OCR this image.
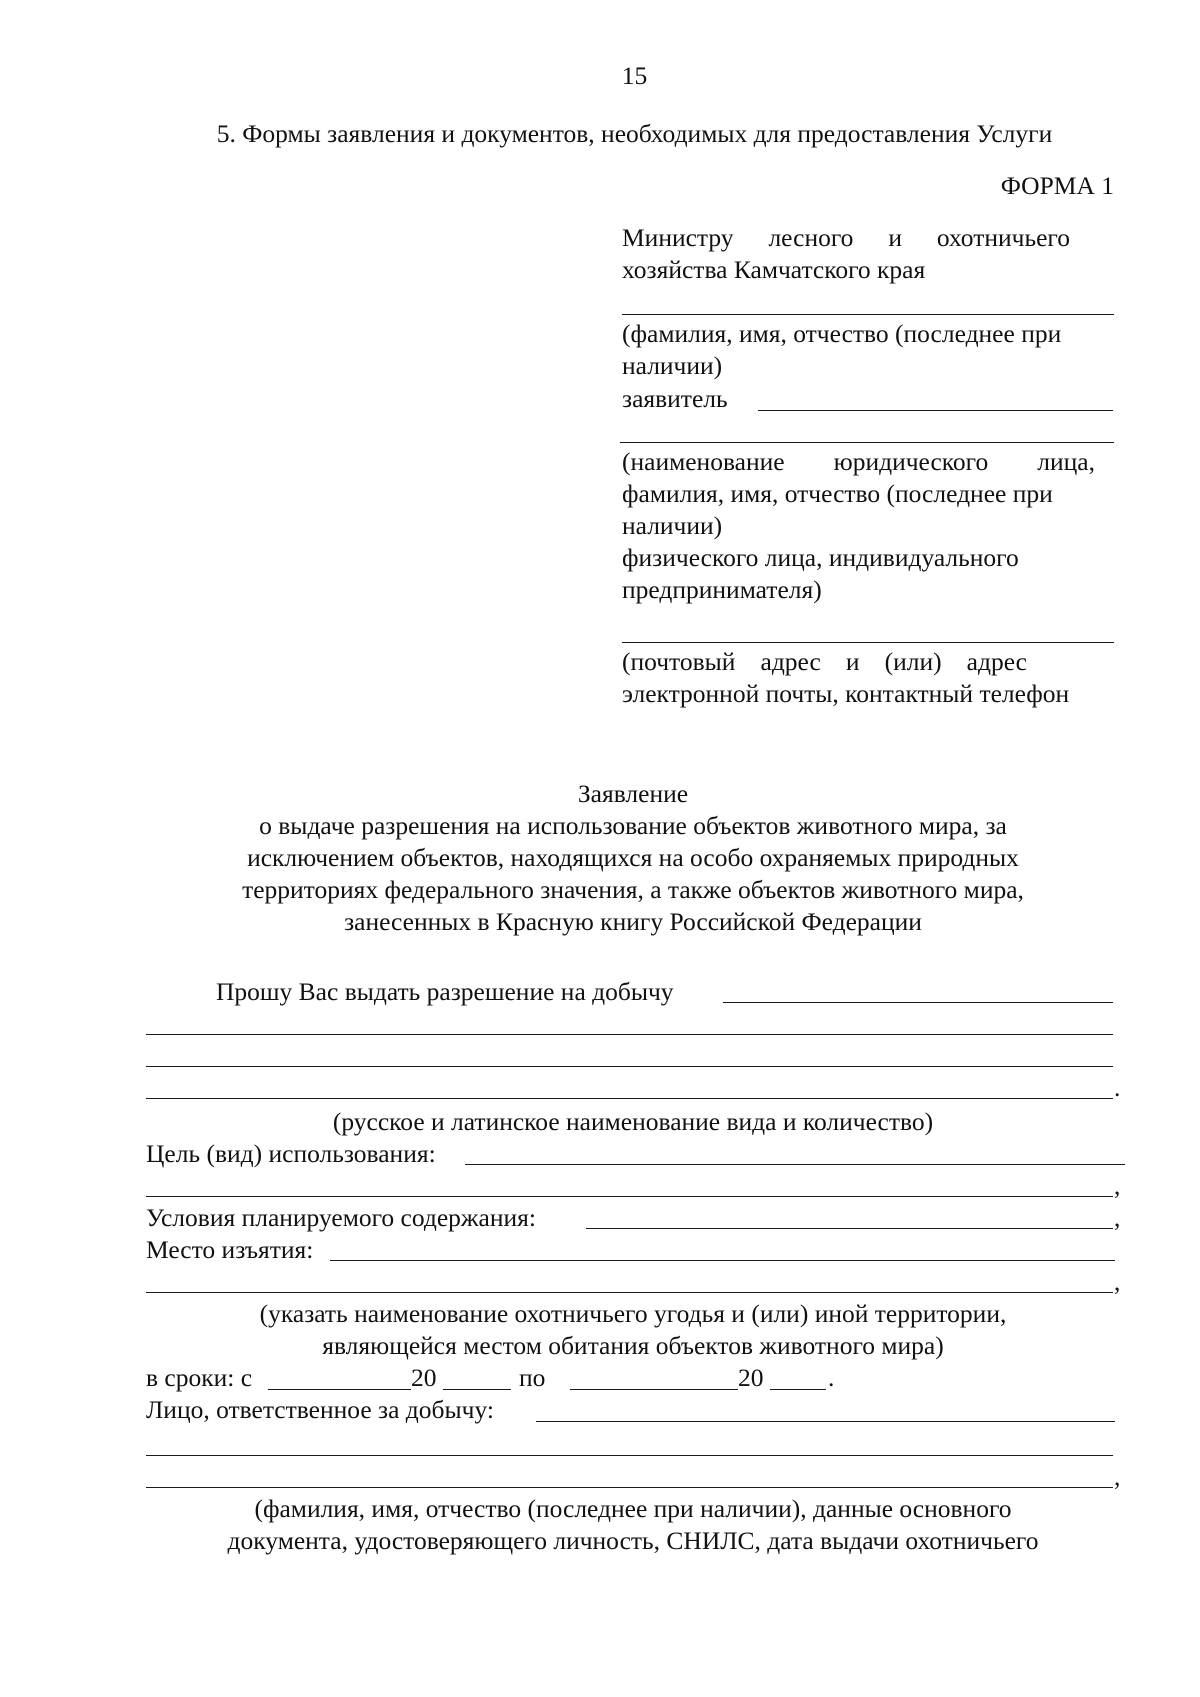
15
5. Формы заявления и документов, необходимых для предоставления Услуги
ФОРМА 1
Министру лесного и охотничьего
хозяйства Камчатского края
(фамилия, имя, отчество (последнее при
наличии)
заявитель
(наименование юридического лица,
фамилия, имя, отчество (последнее при
наличии)
физического лица, индивидуального
предпринимателя)
(почтовый адрес и (или) адрес
электронной почты, контактный телефон
Заявление
о выдаче разрешения на использование объектов животного мира, за
исключением объектов, находящихся на особо охраняемых природных
территориях федерального значения, а также объектов животного мира,
занесенных в Красную книгу Российской Федерации
Прошу Вас выдать разрешение на добычу
.
(русское и латинское наименование вида и количество)
Цель (вид) использования:
,
Условия планируемого содержания:	,
Место изъятия:
,
(указать наименование охотничьего угодья и (или) иной территории,
являющейся местом обитания объектов животного мира)
в сроки: с	20	по	20	.
Лицо, ответственное за добычу:
,
(фамилия, имя, отчество (последнее при наличии), данные основного
документа, удостоверяющего личность, СНИЛС, дата выдачи охотничьего
